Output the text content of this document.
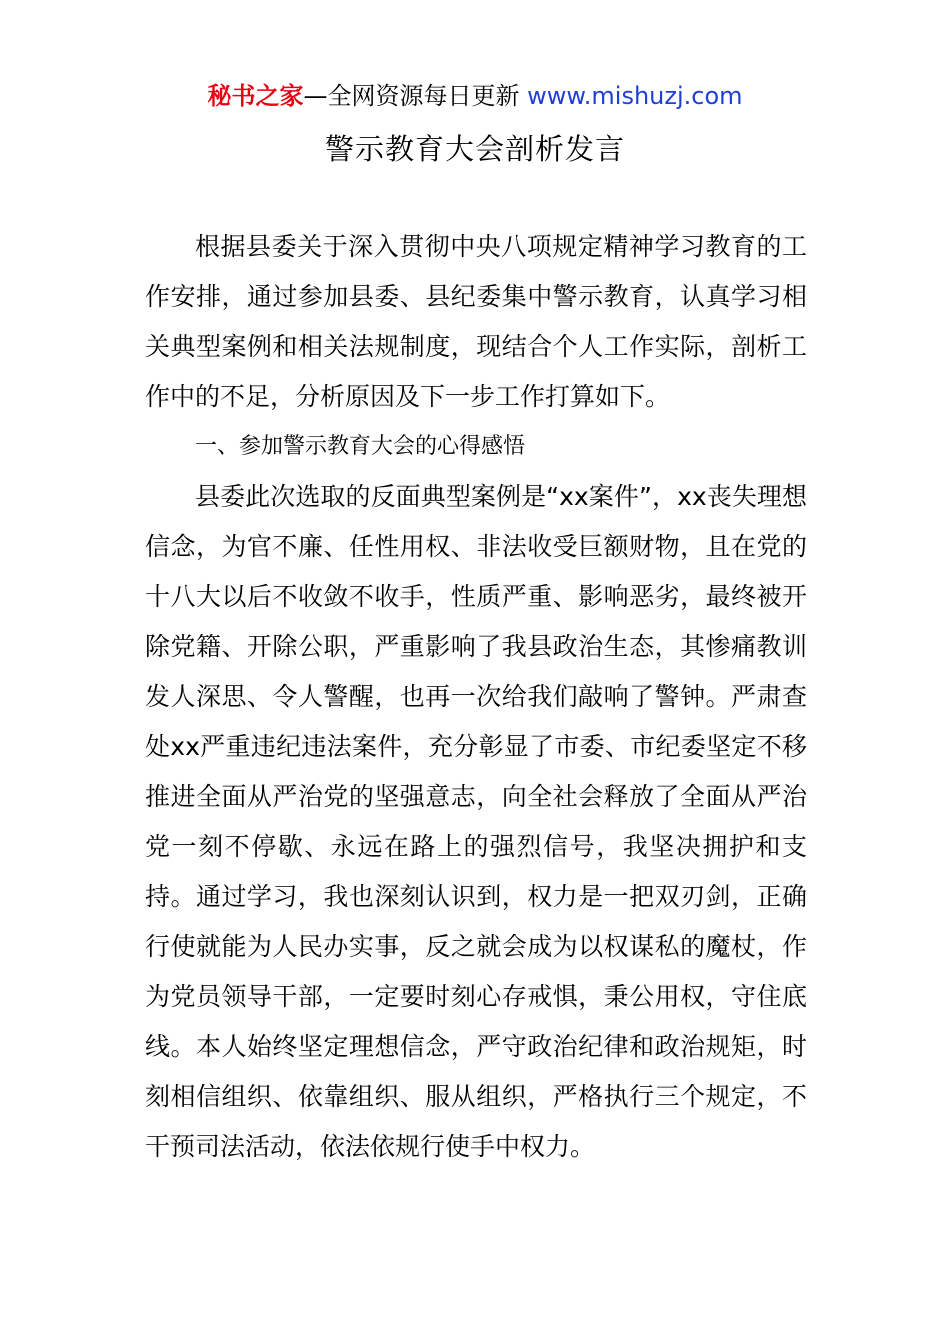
秘书之家—全网资源每日更新 www.mishuzj.com
警示教育大会剖析发言

根据县委关于深入贯彻中央八项规定精神学习教育的工作安排，通过参加县委、县纪委集中警示教育，认真学习相关典型案例和相关法规制度，现结合个人工作实际，剖析工作中的不足，分析原因及下一步工作打算如下。

一、参加警示教育大会的心得感悟

县委此次选取的反面典型案例是“xx案件”，xx丧失理想信念，为官不廉、任性用权、非法收受巨额财物，且在党的十八大以后不收敛不收手，性质严重、影响恶劣，最终被开除党籍、开除公职，严重影响了我县政治生态，其惨痛教训发人深思、令人警醒，也再一次给我们敲响了警钟。严肃查处xx严重违纪违法案件，充分彰显了市委、市纪委坚定不移推进全面从严治党的坚强意志，向全社会释放了全面从严治党一刻不停歇、永远在路上的强烈信号，我坚决拥护和支持。通过学习，我也深刻认识到，权力是一把双刃剑，正确行使就能为人民办实事，反之就会成为以权谋私的魔杖，作为党员领导干部，一定要时刻心存戒惧，秉公用权，守住底线。本人始终坚定理想信念，严守政治纪律和政治规矩，时刻相信组织、依靠组织、服从组织，严格执行三个规定，不干预司法活动，依法依规行使手中权力。
